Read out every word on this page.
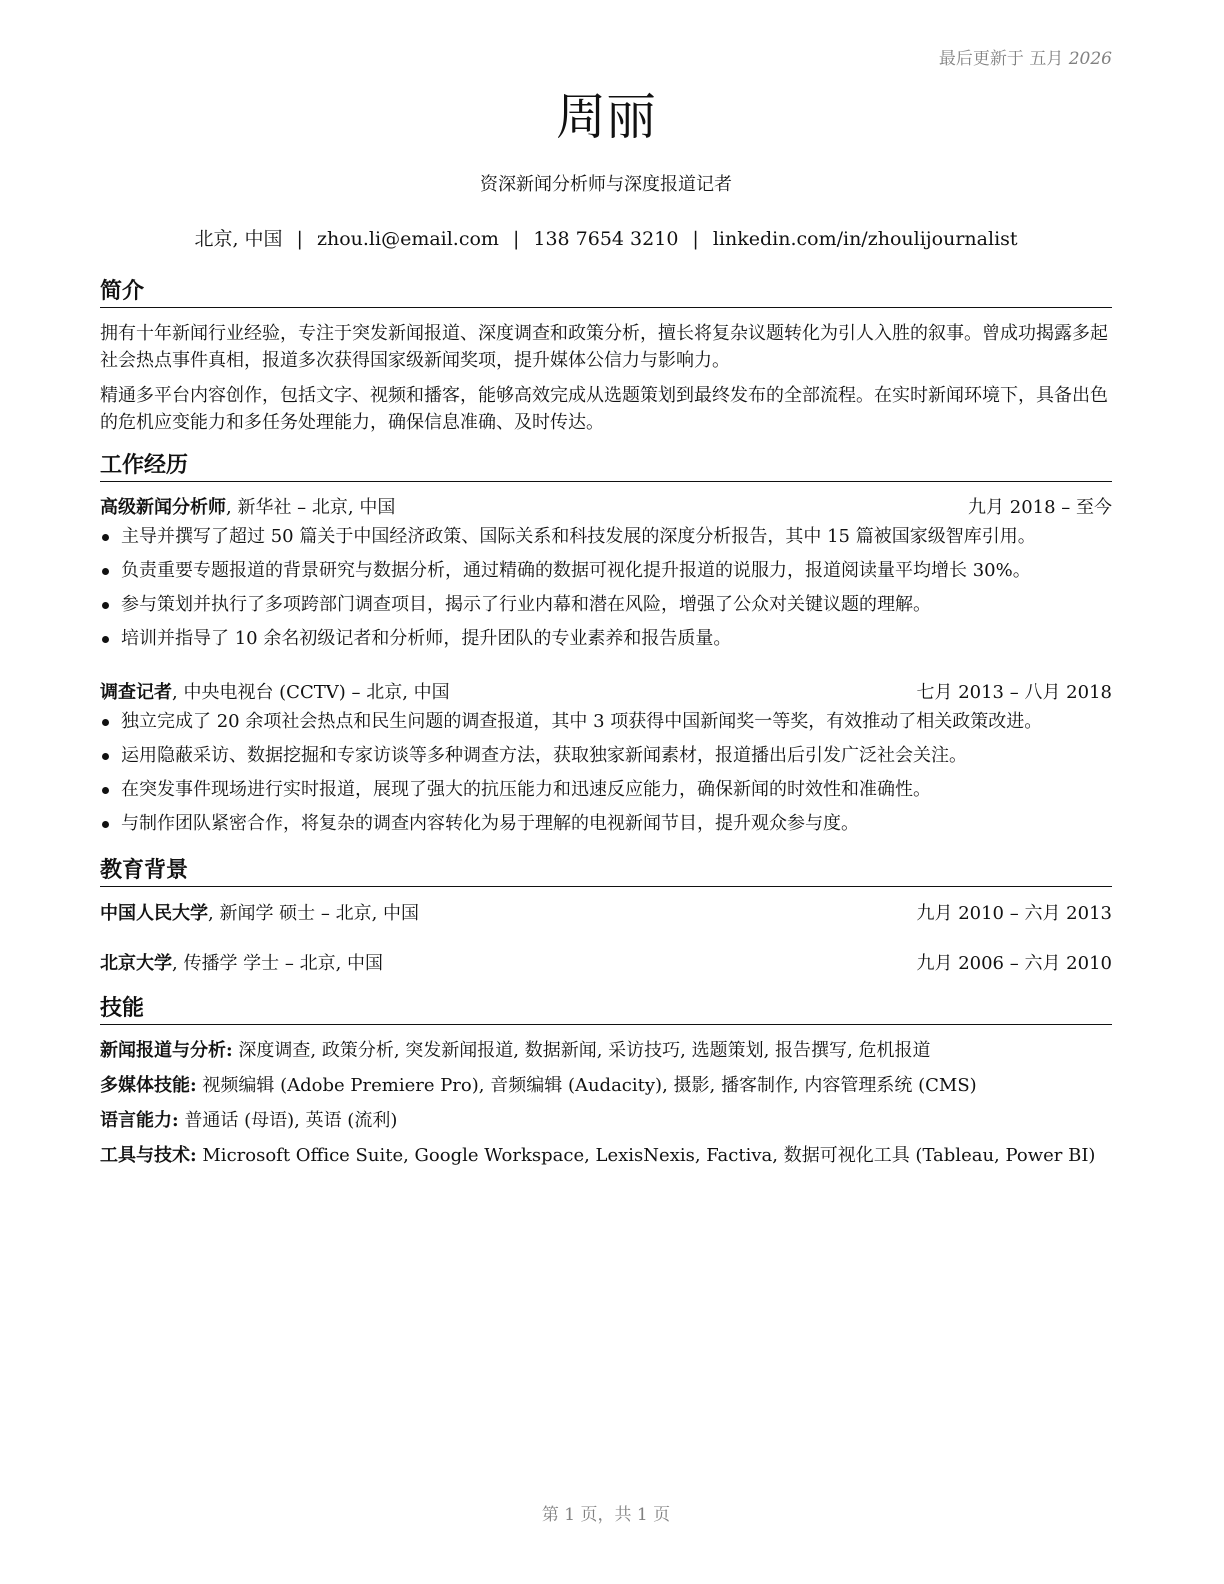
最后更新于 五月 2026
周丽
资深新闻分析师与深度报道记者
北京, 中国 | zhou.li@email.com | 138 7654 3210 | linkedin.com/in/zhoulijournalist
简介
拥有十年新闻行业经验，专注于突发新闻报道、深度调查和政策分析，擅长将复杂议题转化为引人入胜的叙事。曾成功揭露多起社会热点事件真相，报道多次获得国家级新闻奖项，提升媒体公信力与影响力。
精通多平台内容创作，包括文字、视频和播客，能够高效完成从选题策划到最终发布的全部流程。在实时新闻环境下，具备出色的危机应变能力和多任务处理能力，确保信息准确、及时传达。
工作经历
高级新闻分析师, 新华社 – 北京, 中国	九月 2018 – 至今
主导并撰写了超过 50 篇关于中国经济政策、国际关系和科技发展的深度分析报告，其中 15 篇被国家级智库引用。
负责重要专题报道的背景研究与数据分析，通过精确的数据可视化提升报道的说服力，报道阅读量平均增长 30%。
参与策划并执行了多项跨部门调查项目，揭示了行业内幕和潜在风险，增强了公众对关键议题的理解。
培训并指导了 10 余名初级记者和分析师，提升团队的专业素养和报告质量。
调查记者, 中央电视台 (CCTV) – 北京, 中国	七月 2013 – 八月 2018
独立完成了 20 余项社会热点和民生问题的调查报道，其中 3 项获得中国新闻奖一等奖，有效推动了相关政策改进。
运用隐蔽采访、数据挖掘和专家访谈等多种调查方法，获取独家新闻素材，报道播出后引发广泛社会关注。
在突发事件现场进行实时报道，展现了强大的抗压能力和迅速反应能力，确保新闻的时效性和准确性。
与制作团队紧密合作，将复杂的调查内容转化为易于理解的电视新闻节目，提升观众参与度。
教育背景
中国人民大学, 新闻学 硕士 – 北京, 中国	九月 2010 – 六月 2013
北京大学, 传播学 学士 – 北京, 中国	九月 2006 – 六月 2010
技能
新闻报道与分析: 深度调查, 政策分析, 突发新闻报道, 数据新闻, 采访技巧, 选题策划, 报告撰写, 危机报道
多媒体技能: 视频编辑 (Adobe Premiere Pro), 音频编辑 (Audacity), 摄影, 播客制作, 内容管理系统 (CMS)
语言能力: 普通话 (母语), 英语 (流利)
工具与技术: Microsoft Office Suite, Google Workspace, LexisNexis, Factiva, 数据可视化工具 (Tableau, Power BI)
第 1 页，共 1 页
